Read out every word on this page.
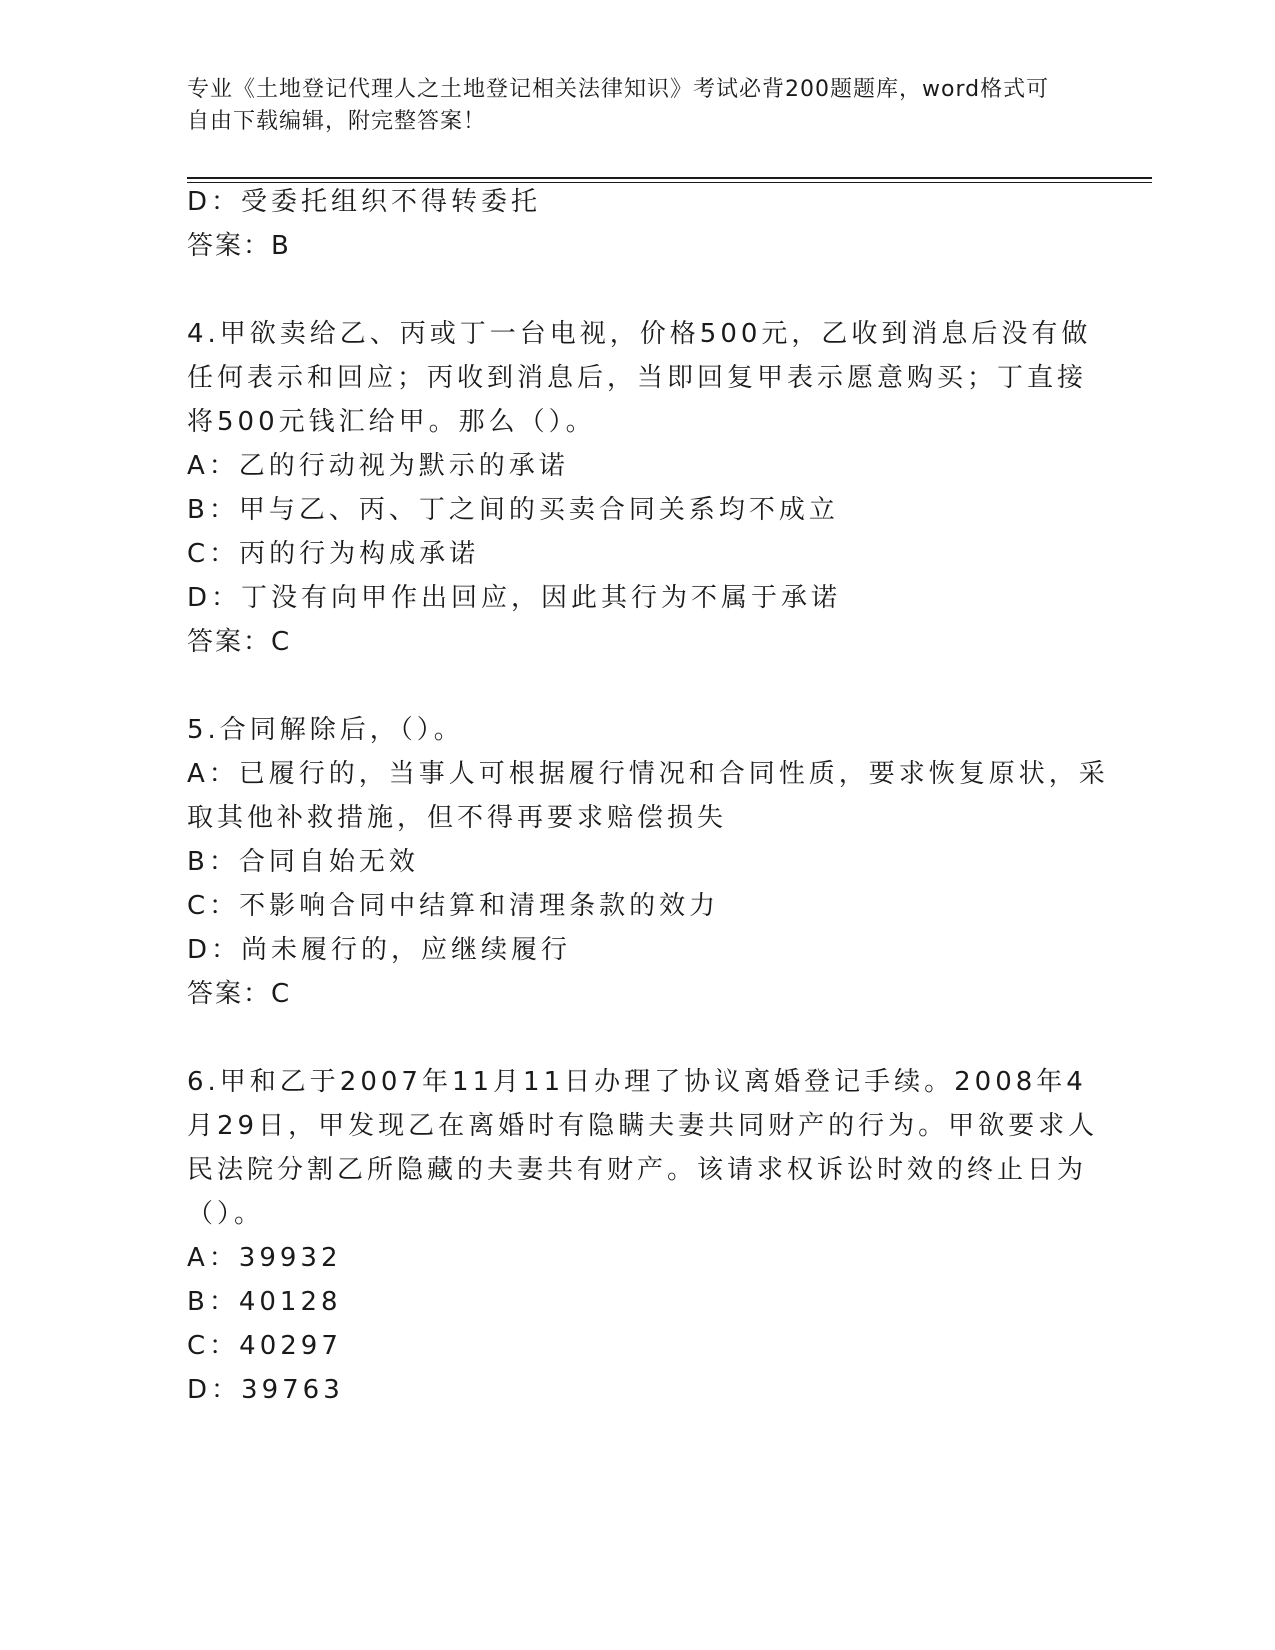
专业《土地登记代理人之土地登记相关法律知识》考试必背200题题库，word格式可自由下载编辑，附完整答案！
D：受委托组织不得转委托
答案：B
4.甲欲卖给乙、丙或丁一台电视，价格500元，乙收到消息后没有做
任何表示和回应；丙收到消息后，当即回复甲表示愿意购买；丁直接
将500元钱汇给甲。那么（）。
A：乙的行动视为默示的承诺
B：甲与乙、丙、丁之间的买卖合同关系均不成立
C：丙的行为构成承诺
D：丁没有向甲作出回应，因此其行为不属于承诺
答案：C
5.合同解除后，（）。
A：已履行的，当事人可根据履行情况和合同性质，要求恢复原状，采
取其他补救措施，但不得再要求赔偿损失
B：合同自始无效
C：不影响合同中结算和清理条款的效力
D：尚未履行的，应继续履行
答案：C
6.甲和乙于2007年11月11日办理了协议离婚登记手续。2008年4
月29日，甲发现乙在离婚时有隐瞒夫妻共同财产的行为。甲欲要求人
民法院分割乙所隐藏的夫妻共有财产。该请求权诉讼时效的终止日为
（）。
A：39932
B：40128
C：40297
D：39763
